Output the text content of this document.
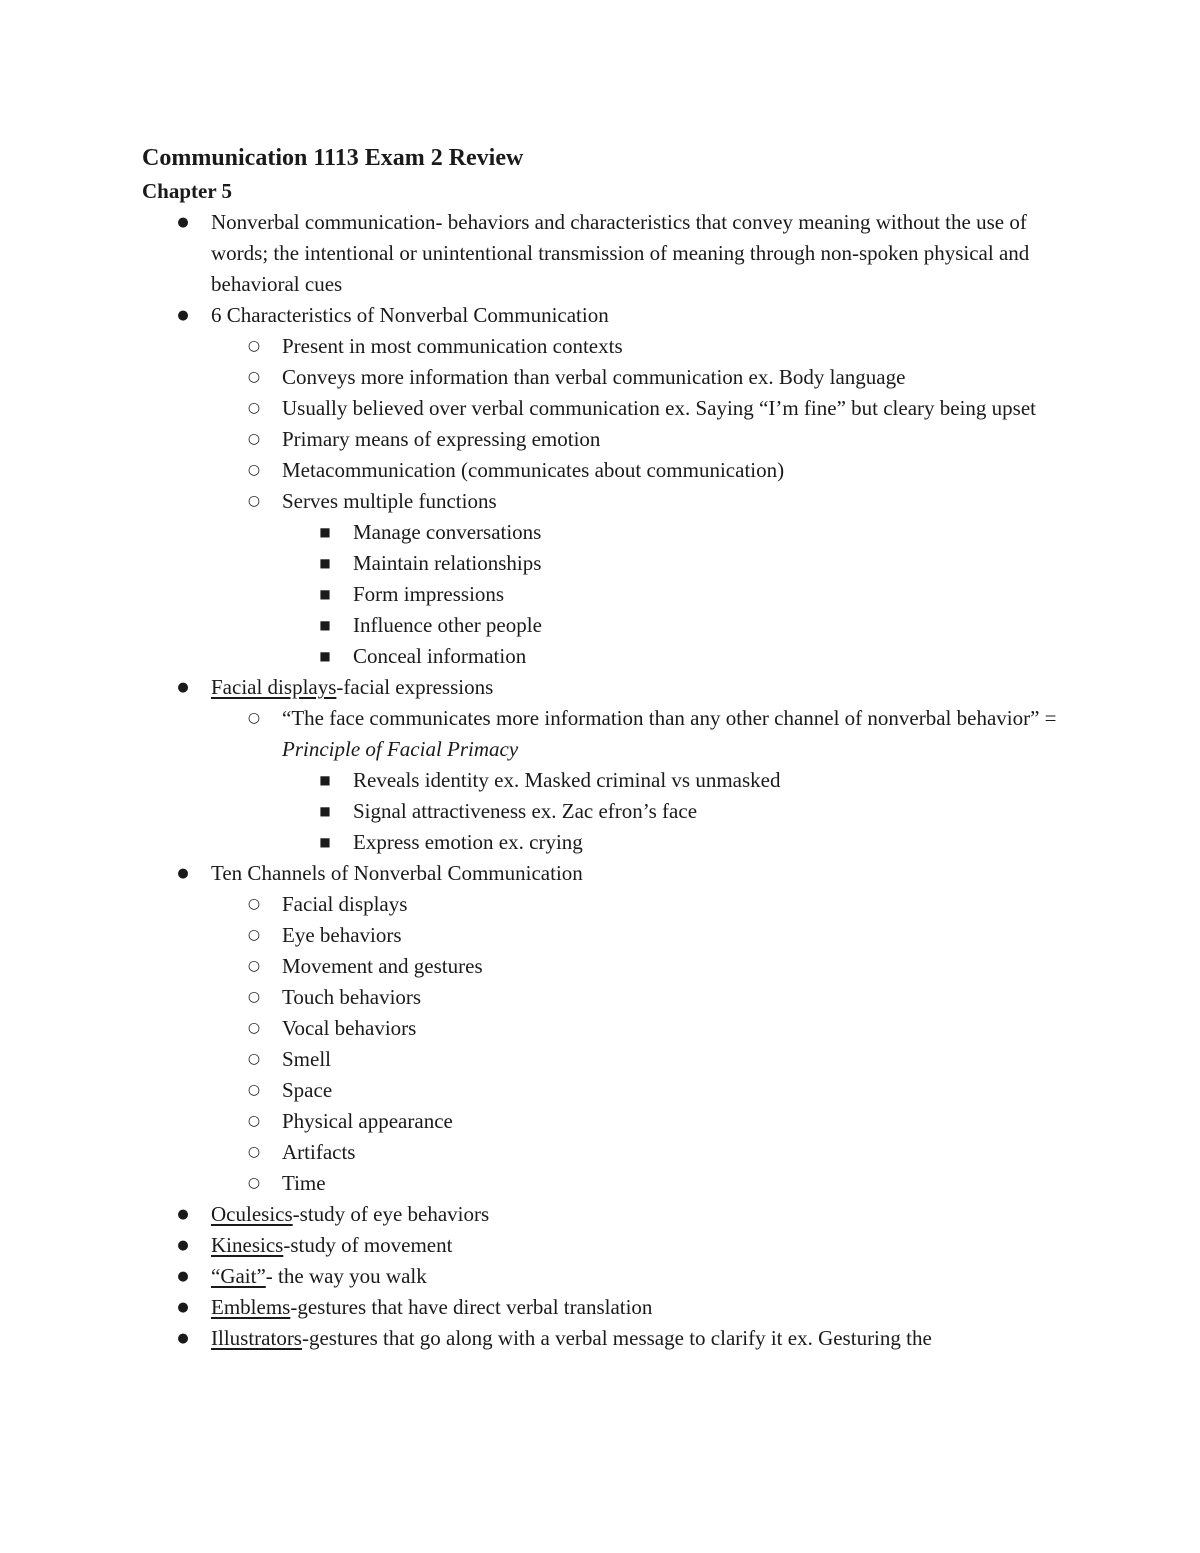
Communication 1113 Exam 2 Review
Chapter 5
● Nonverbal communication- behaviors and characteristics that convey meaning without the use of words; the intentional or unintentional transmission of meaning through non-spoken physical and behavioral cues
● 6 Characteristics of Nonverbal Communication
○ Present in most communication contexts
○ Conveys more information than verbal communication ex. Body language
○ Usually believed over verbal communication ex. Saying “I’m fine” but cleary being upset
○ Primary means of expressing emotion
○ Metacommunication (communicates about communication)
○ Serves multiple functions
■ Manage conversations
■ Maintain relationships
■ Form impressions
■ Influence other people
■ Conceal information
● Facial displays-facial expressions
○ “The face communicates more information than any other channel of nonverbal behavior” = Principle of Facial Primacy
■ Reveals identity ex. Masked criminal vs unmasked
■ Signal attractiveness ex. Zac efron’s face
■ Express emotion ex. crying
● Ten Channels of Nonverbal Communication
○ Facial displays
○ Eye behaviors
○ Movement and gestures
○ Touch behaviors
○ Vocal behaviors
○ Smell
○ Space
○ Physical appearance
○ Artifacts
○ Time
● Oculesics-study of eye behaviors
● Kinesics-study of movement
● “Gait”- the way you walk
● Emblems-gestures that have direct verbal translation
● Illustrators-gestures that go along with a verbal message to clarify it ex. Gesturing the
